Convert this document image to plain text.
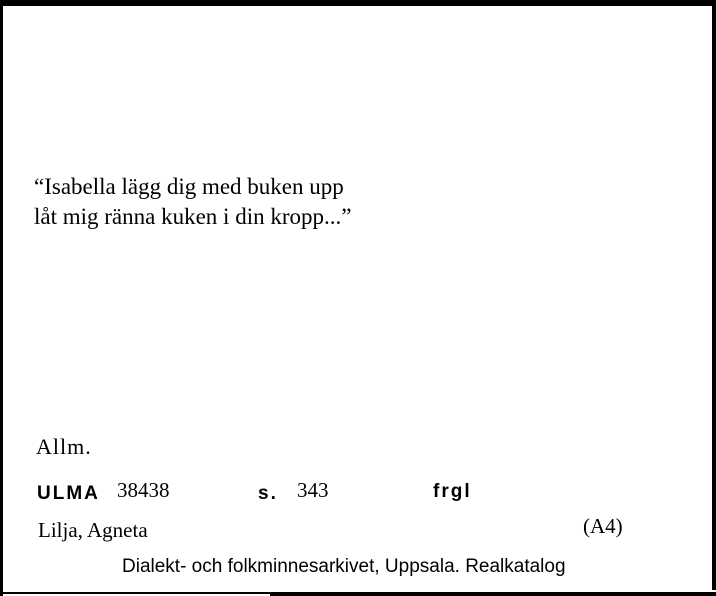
“Isabella lägg dig med buken upp
låt mig ränna kuken i din kropp...”
Allm.
ULMA 38438	s. 343	frgl
Lilja, Agneta	(A4)
Dialekt- och folkminnesarkivet, Uppsala. Realkatalog
